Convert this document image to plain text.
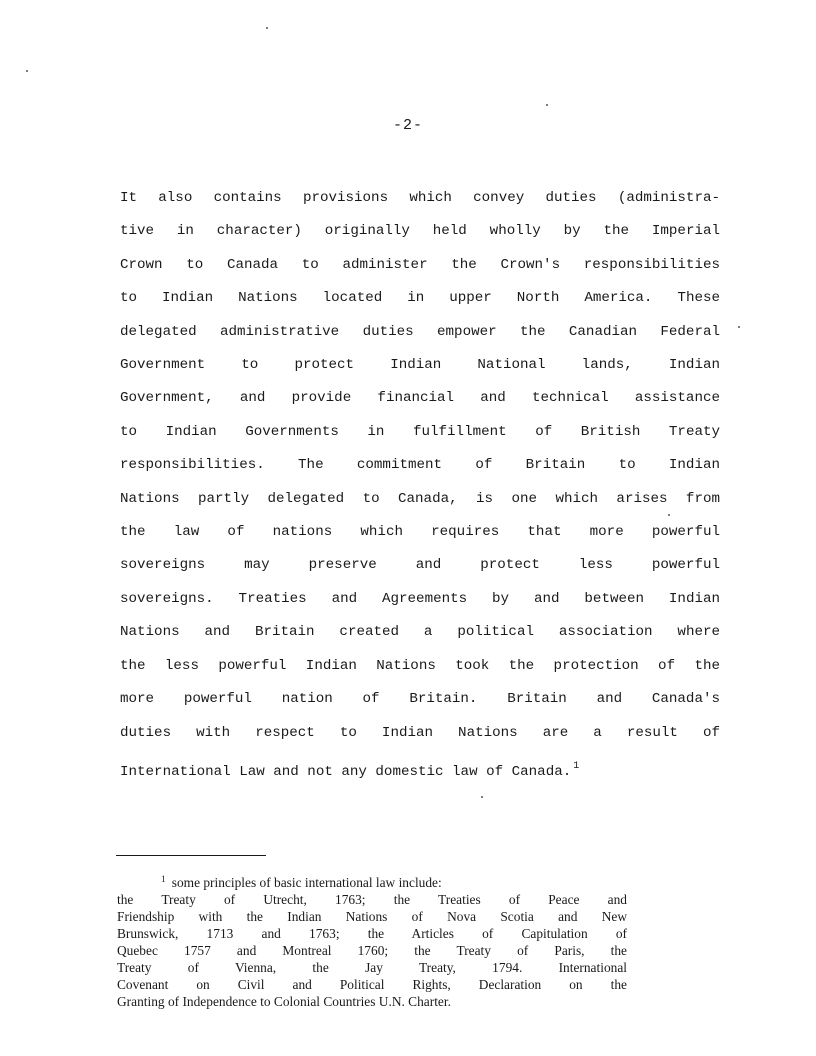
-2-

It also contains provisions which convey duties (administra-
tive in character) originally held wholly by the Imperial
Crown to Canada to administer the Crown's responsibilities
to Indian Nations located in upper North America. These
delegated administrative duties empower the Canadian Federal
Government to protect Indian National lands, Indian
Government, and provide financial and technical assistance
to Indian Governments in fulfillment of British Treaty
responsibilities. The commitment of Britain to Indian
Nations partly delegated to Canada, is one which arises from
the law of nations which requires that more powerful
sovereigns may preserve and protect less powerful
sovereigns. Treaties and Agreements by and between Indian
Nations and Britain created a political association where
the less powerful Indian Nations took the protection of the
more powerful nation of Britain. Britain and Canada's
duties with respect to Indian Nations are a result of
International Law and not any domestic law of Canada. $^1$

$^1$ some principles of basic international law include:
the Treaty of Utrecht, 1763; the Treaties of Peace and
Friendship with the Indian Nations of Nova Scotia and New
Brunswick, 1713 and 1763; the Articles of Capitulation of
Quebec 1757 and Montreal 1760; the Treaty of Paris, the
Treaty of Vienna, the Jay Treaty, 1794. International
Covenant on Civil and Political Rights, Declaration on the
Granting of Independence to Colonial Countries U.N. Charter.
